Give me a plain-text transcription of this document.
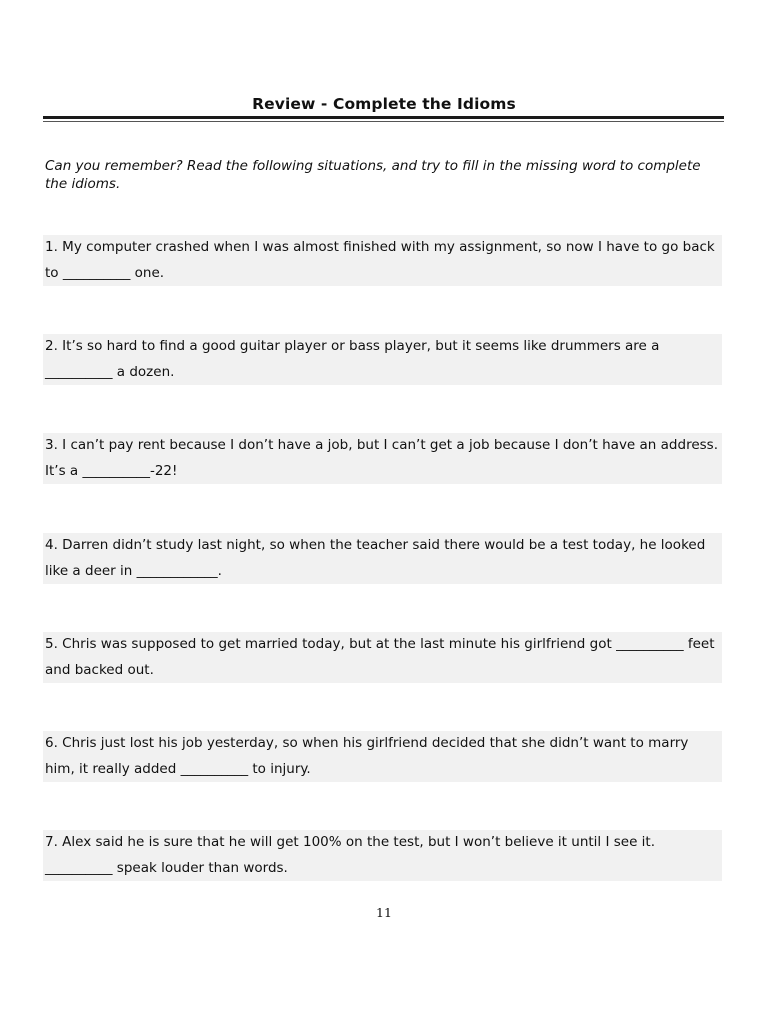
Review - Complete the Idioms
Can you remember? Read the following situations, and try to fill in the missing word to complete the idioms.
1. My computer crashed when I was almost finished with my assignment, so now I have to go back to __________ one.
2. It’s so hard to find a good guitar player or bass player, but it seems like drummers are a __________ a dozen.
3. I can’t pay rent because I don’t have a job, but I can’t get a job because I don’t have an address. It’s a __________-22!
4. Darren didn’t study last night, so when the teacher said there would be a test today, he looked like a deer in ____________.
5. Chris was supposed to get married today, but at the last minute his girlfriend got __________ feet and backed out.
6. Chris just lost his job yesterday, so when his girlfriend decided that she didn’t want to marry him, it really added __________ to injury.
7. Alex said he is sure that he will get 100% on the test, but I won’t believe it until I see it. __________ speak louder than words.
11
